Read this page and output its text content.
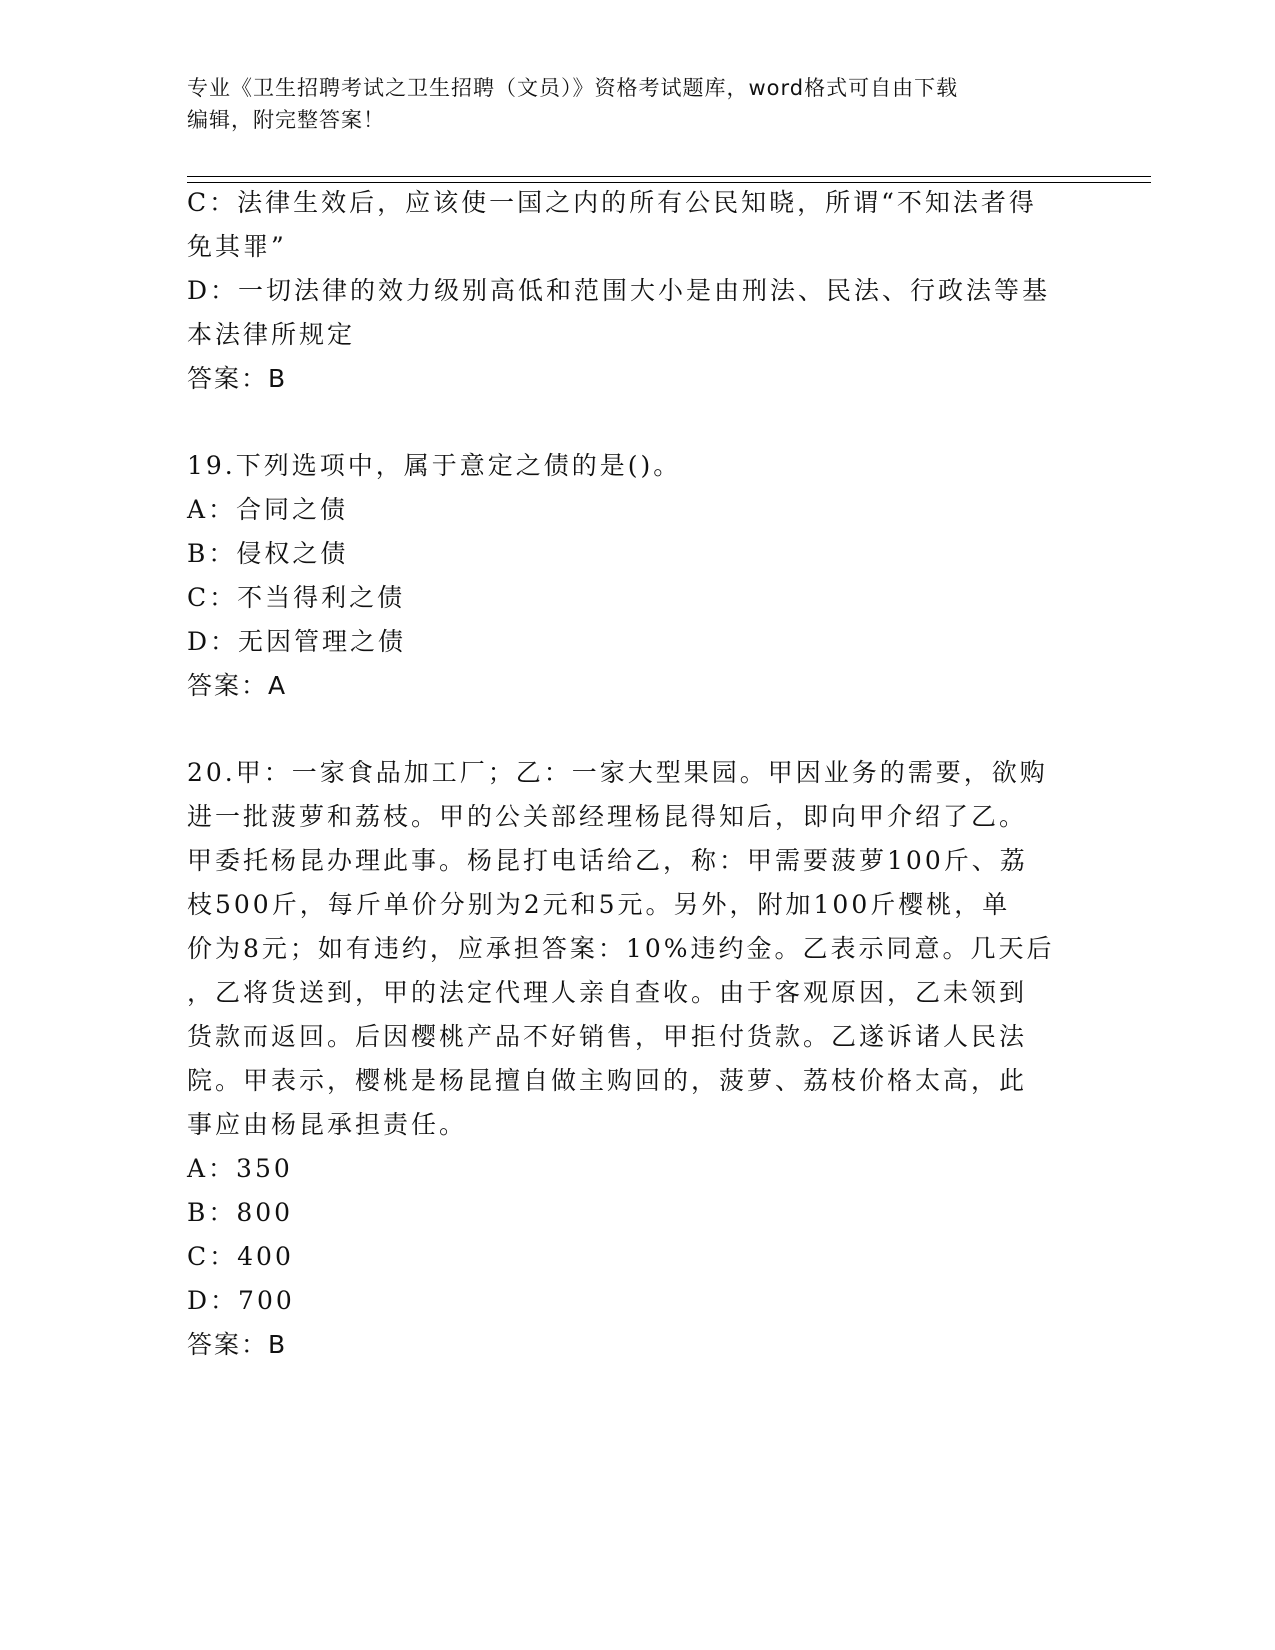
专业《卫生招聘考试之卫生招聘（文员）》资格考试题库，word格式可自由下载
编辑，附完整答案！
C：法律生效后，应该使一国之内的所有公民知晓，所谓“不知法者得
免其罪”
D：一切法律的效力级别高低和范围大小是由刑法、民法、行政法等基
本法律所规定
答案：B
19.下列选项中，属于意定之债的是()。
A：合同之债
B：侵权之债
C：不当得利之债
D：无因管理之债
答案：A
20.甲：一家食品加工厂；乙：一家大型果园。甲因业务的需要，欲购
进一批菠萝和荔枝。甲的公关部经理杨昆得知后，即向甲介绍了乙。
甲委托杨昆办理此事。杨昆打电话给乙，称：甲需要菠萝100斤、荔
枝500斤，每斤单价分别为2元和5元。另外，附加100斤樱桃，单
价为8元；如有违约，应承担答案：10%违约金。乙表示同意。几天后
，乙将货送到，甲的法定代理人亲自查收。由于客观原因，乙未领到
货款而返回。后因樱桃产品不好销售，甲拒付货款。乙遂诉诸人民法
院。甲表示，樱桃是杨昆擅自做主购回的，菠萝、荔枝价格太高，此
事应由杨昆承担责任。
A：350
B：800
C：400
D：700
答案：B
